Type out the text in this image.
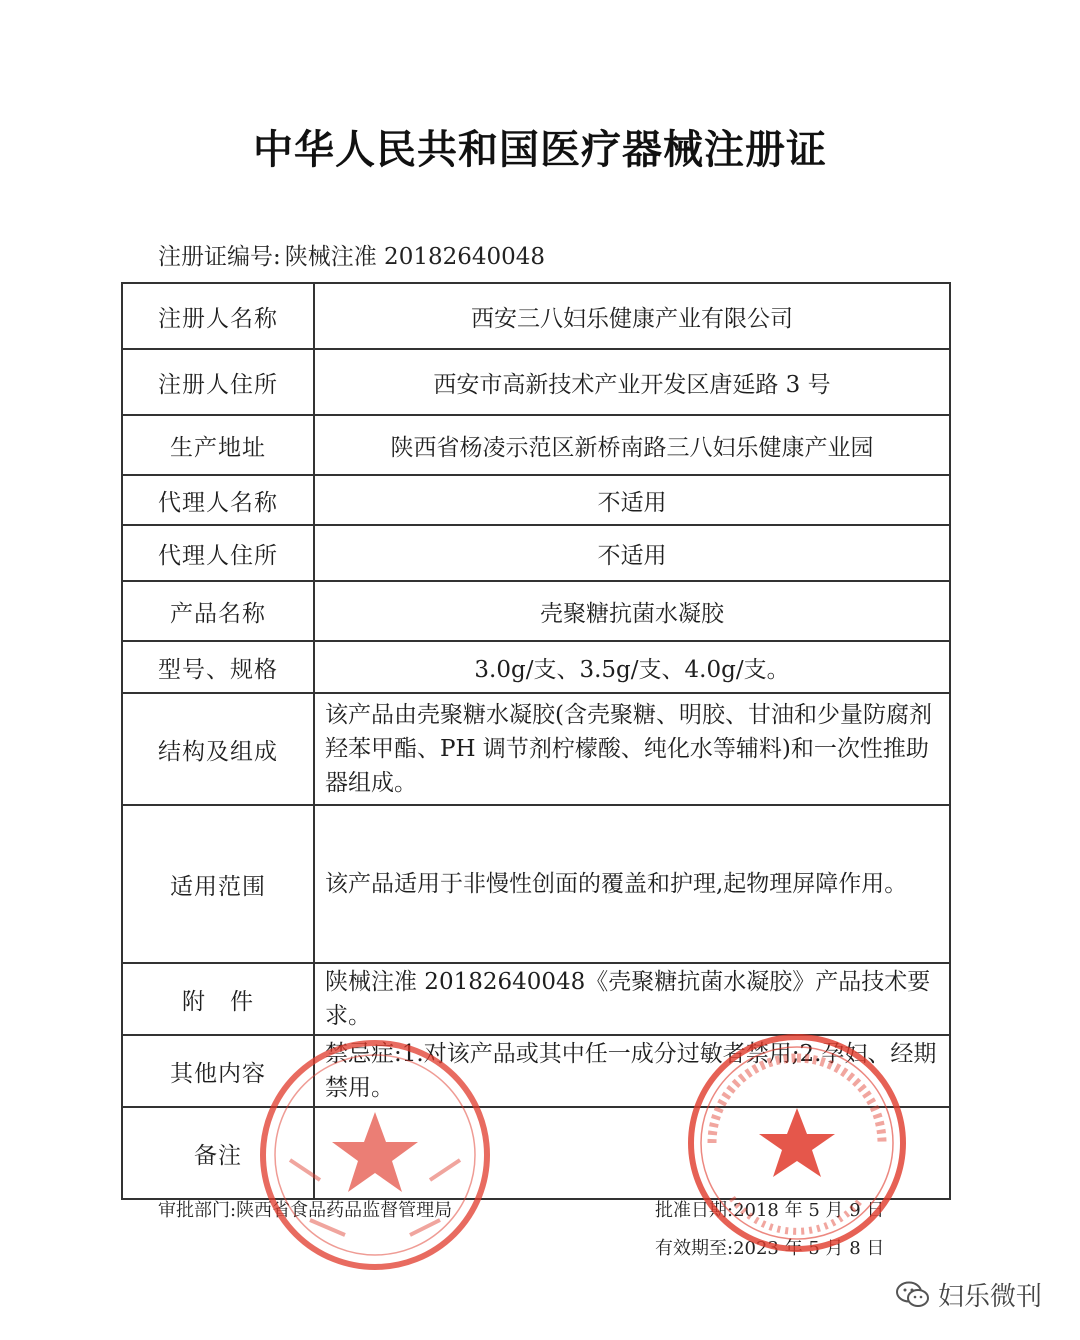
中华人民共和国医疗器械注册证
注册证编号: 陕械注准 20182640048
注册人名称	西安三八妇乐健康产业有限公司
注册人住所	西安市高新技术产业开发区唐延路 3 号
生产地址	陕西省杨凌示范区新桥南路三八妇乐健康产业园
代理人名称	不适用
代理人住所	不适用
产品名称	壳聚糖抗菌水凝胶
型号、规格	3.0g/支、3.5g/支、4.0g/支。
结构及组成	该产品由壳聚糖水凝胶(含壳聚糖、明胶、甘油和少量防腐剂羟苯甲酯、PH 调节剂柠檬酸、纯化水等辅料)和一次性推助器组成。
适用范围	该产品适用于非慢性创面的覆盖和护理,起物理屏障作用。
附　件	陕械注准 20182640048《壳聚糖抗菌水凝胶》产品技术要求。
其他内容	禁忌症:1.对该产品或其中任一成分过敏者禁用;2.孕妇、经期禁用。
备注	
审批部门:陕西省食品药品监督管理局	批准日期:2018 年 5 月 9 日
有效期至:2023 年 5 月 8 日
妇乐微刊
